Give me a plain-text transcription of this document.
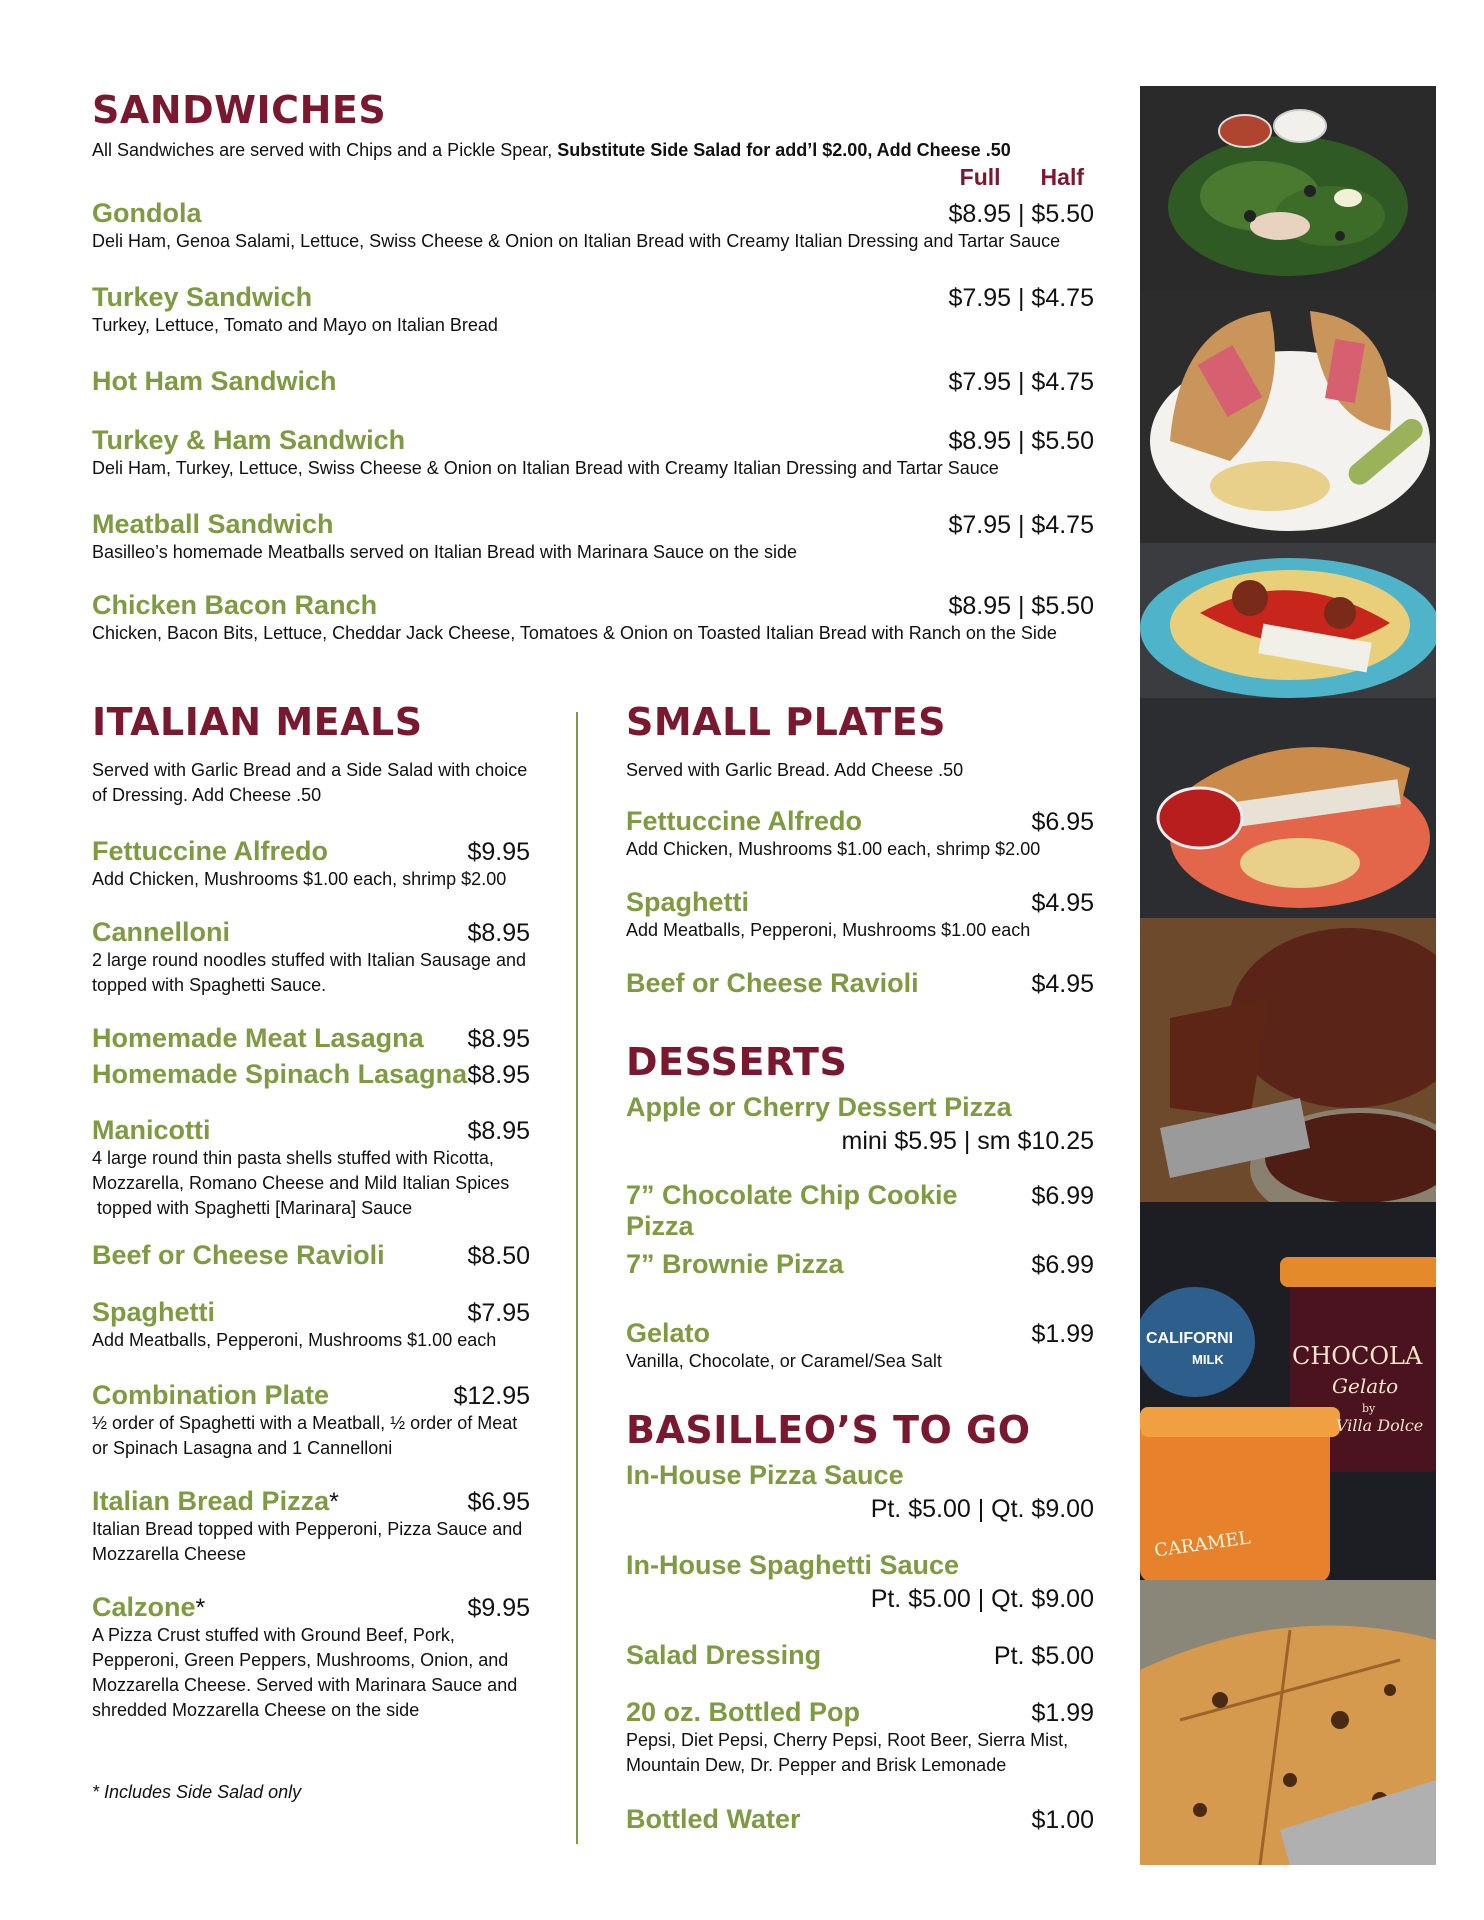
SANDWICHES
All Sandwiches are served with Chips and a Pickle Spear, Substitute Side Salad for add’l $2.00, Add Cheese .50
Full Half
Gondola	$8.95 | $5.50
Deli Ham, Genoa Salami, Lettuce, Swiss Cheese & Onion on Italian Bread with Creamy Italian Dressing and Tartar Sauce
Turkey Sandwich	$7.95 | $4.75
Turkey, Lettuce, Tomato and Mayo on Italian Bread
Hot Ham Sandwich	$7.95 | $4.75
Turkey & Ham Sandwich	$8.95 | $5.50
Deli Ham, Turkey, Lettuce, Swiss Cheese & Onion on Italian Bread with Creamy Italian Dressing and Tartar Sauce
Meatball Sandwich	$7.95 | $4.75
Basilleo’s homemade Meatballs served on Italian Bread with Marinara Sauce on the side
Chicken Bacon Ranch	$8.95 | $5.50
Chicken, Bacon Bits, Lettuce, Cheddar Jack Cheese, Tomatoes & Onion on Toasted Italian Bread with Ranch on the Side
ITALIAN MEALS
Served with Garlic Bread and a Side Salad with choice
of Dressing. Add Cheese .50
Fettuccine Alfredo	$9.95
Add Chicken, Mushrooms $1.00 each, shrimp $2.00
Cannelloni	$8.95
2 large round noodles stuffed with Italian Sausage and
topped with Spaghetti Sauce.
Homemade Meat Lasagna $8.95
Homemade Spinach Lasagna $8.95
Manicotti	$8.95
4 large round thin pasta shells stuffed with Ricotta,
Mozzarella, Romano Cheese and Mild Italian Spices
topped with Spaghetti [Marinara] Sauce
Beef or Cheese Ravioli	$8.50
Spaghetti	$7.95
Add Meatballs, Pepperoni, Mushrooms $1.00 each
Combination Plate	$12.95
½ order of Spaghetti with a Meatball, ½ order of Meat
or Spinach Lasagna and 1 Cannelloni
Italian Bread Pizza*	$6.95
Italian Bread topped with Pepperoni, Pizza Sauce and
Mozzarella Cheese
Calzone*	$9.95
A Pizza Crust stuffed with Ground Beef, Pork,
Pepperoni, Green Peppers, Mushrooms, Onion, and
Mozzarella Cheese. Served with Marinara Sauce and
shredded Mozzarella Cheese on the side
* Includes Side Salad only
SMALL PLATES
Served with Garlic Bread. Add Cheese .50
Fettuccine Alfredo	$6.95
Add Chicken, Mushrooms $1.00 each, shrimp $2.00
Spaghetti	$4.95
Add Meatballs, Pepperoni, Mushrooms $1.00 each
Beef or Cheese Ravioli	$4.95
DESSERTS
Apple or Cherry Dessert Pizza
mini $5.95 | sm $10.25
7” Chocolate Chip Cookie Pizza
$6.99
7” Brownie Pizza	$6.99
Gelato	$1.99
Vanilla, Chocolate, or Caramel/Sea Salt
BASILLEO’S TO GO
In-House Pizza Sauce
Pt. $5.00 | Qt. $9.00
In-House Spaghetti Sauce
Pt. $5.00 | Qt. $9.00
Salad Dressing	Pt. $5.00
20 oz. Bottled Pop	$1.99
Pepsi, Diet Pepsi, Cherry Pepsi, Root Beer, Sierra Mist,
Mountain Dew, Dr. Pepper and Brisk Lemonade
Bottled Water	$1.00
CHOCOLA
Gelato
by
Villa Dolce
CALIFORNI
MILK
CARAMEL
